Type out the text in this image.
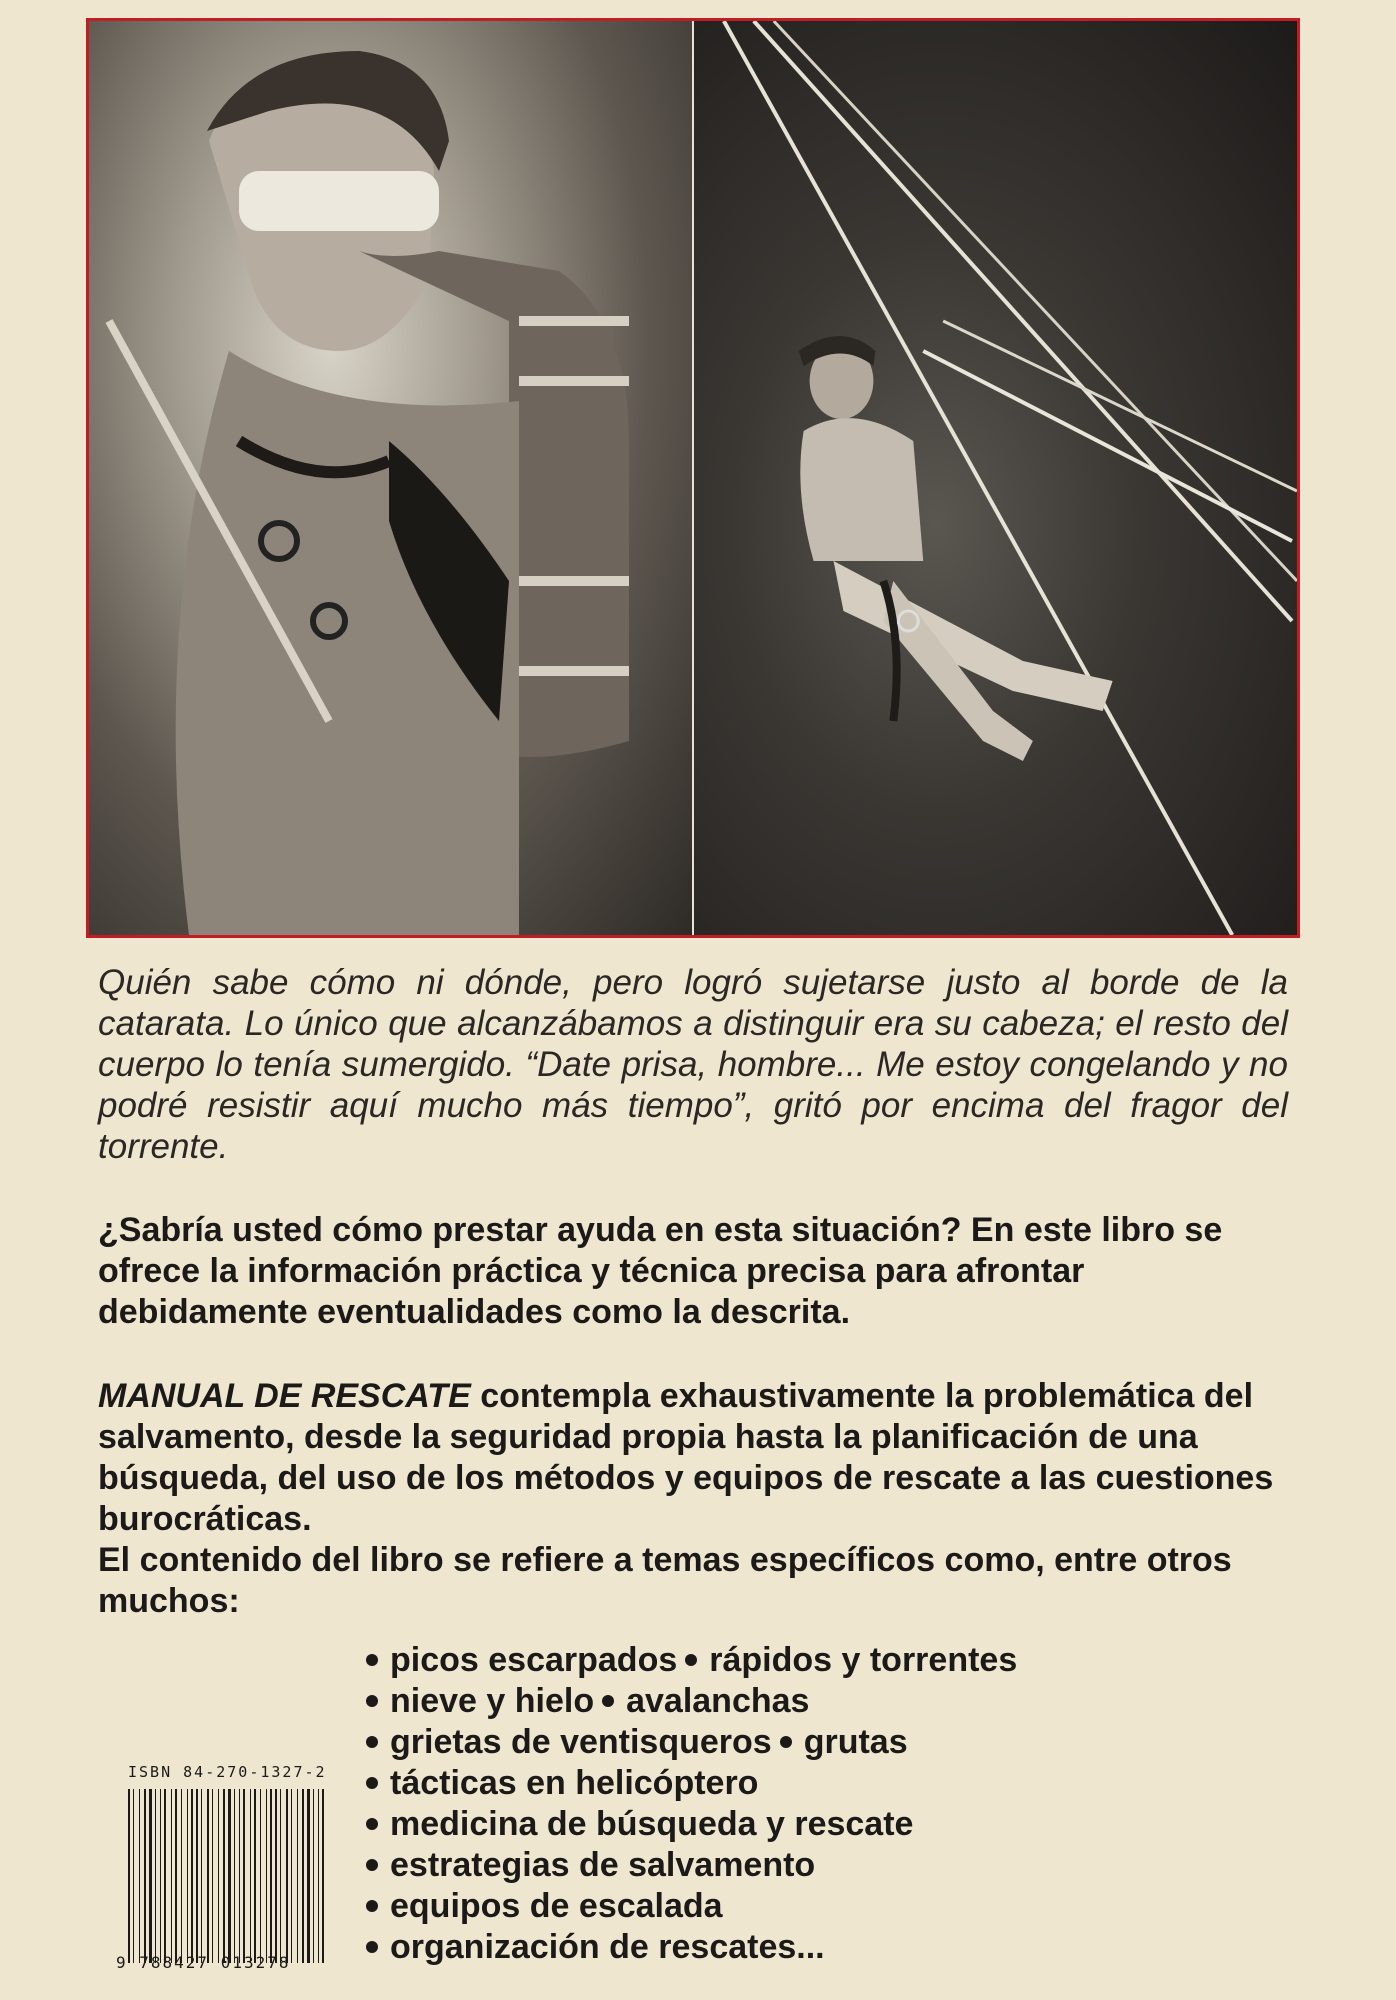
Quién sabe cómo ni dónde, pero logró sujetarse justo al borde de la catarata. Lo único que alcanzábamos a distinguir era su cabeza; el resto del cuerpo lo tenía sumergido. “Date prisa, hombre... Me estoy congelando y no podré resistir aquí mucho más tiempo”, gritó por encima del fragor del torrente.

¿Sabría usted cómo prestar ayuda en esta situación? En este libro se ofrece la información práctica y técnica precisa para afrontar debidamente eventualidades como la descrita.

MANUAL DE RESCATE contempla exhaustivamente la problemática del salvamento, desde la seguridad propia hasta la planificación de una búsqueda, del uso de los métodos y equipos de rescate a las cuestiones burocráticas.
El contenido del libro se refiere a temas específicos como, entre otros muchos:
picos escarpados rápidos y torrentes
nieve y hielo avalanchas
grietas de ventisqueros grutas
tácticas en helicóptero
medicina de búsqueda y rescate
estrategias de salvamento
equipos de escalada
organización de rescates...
ISBN 84-270-1327-2
9 788427 013278
